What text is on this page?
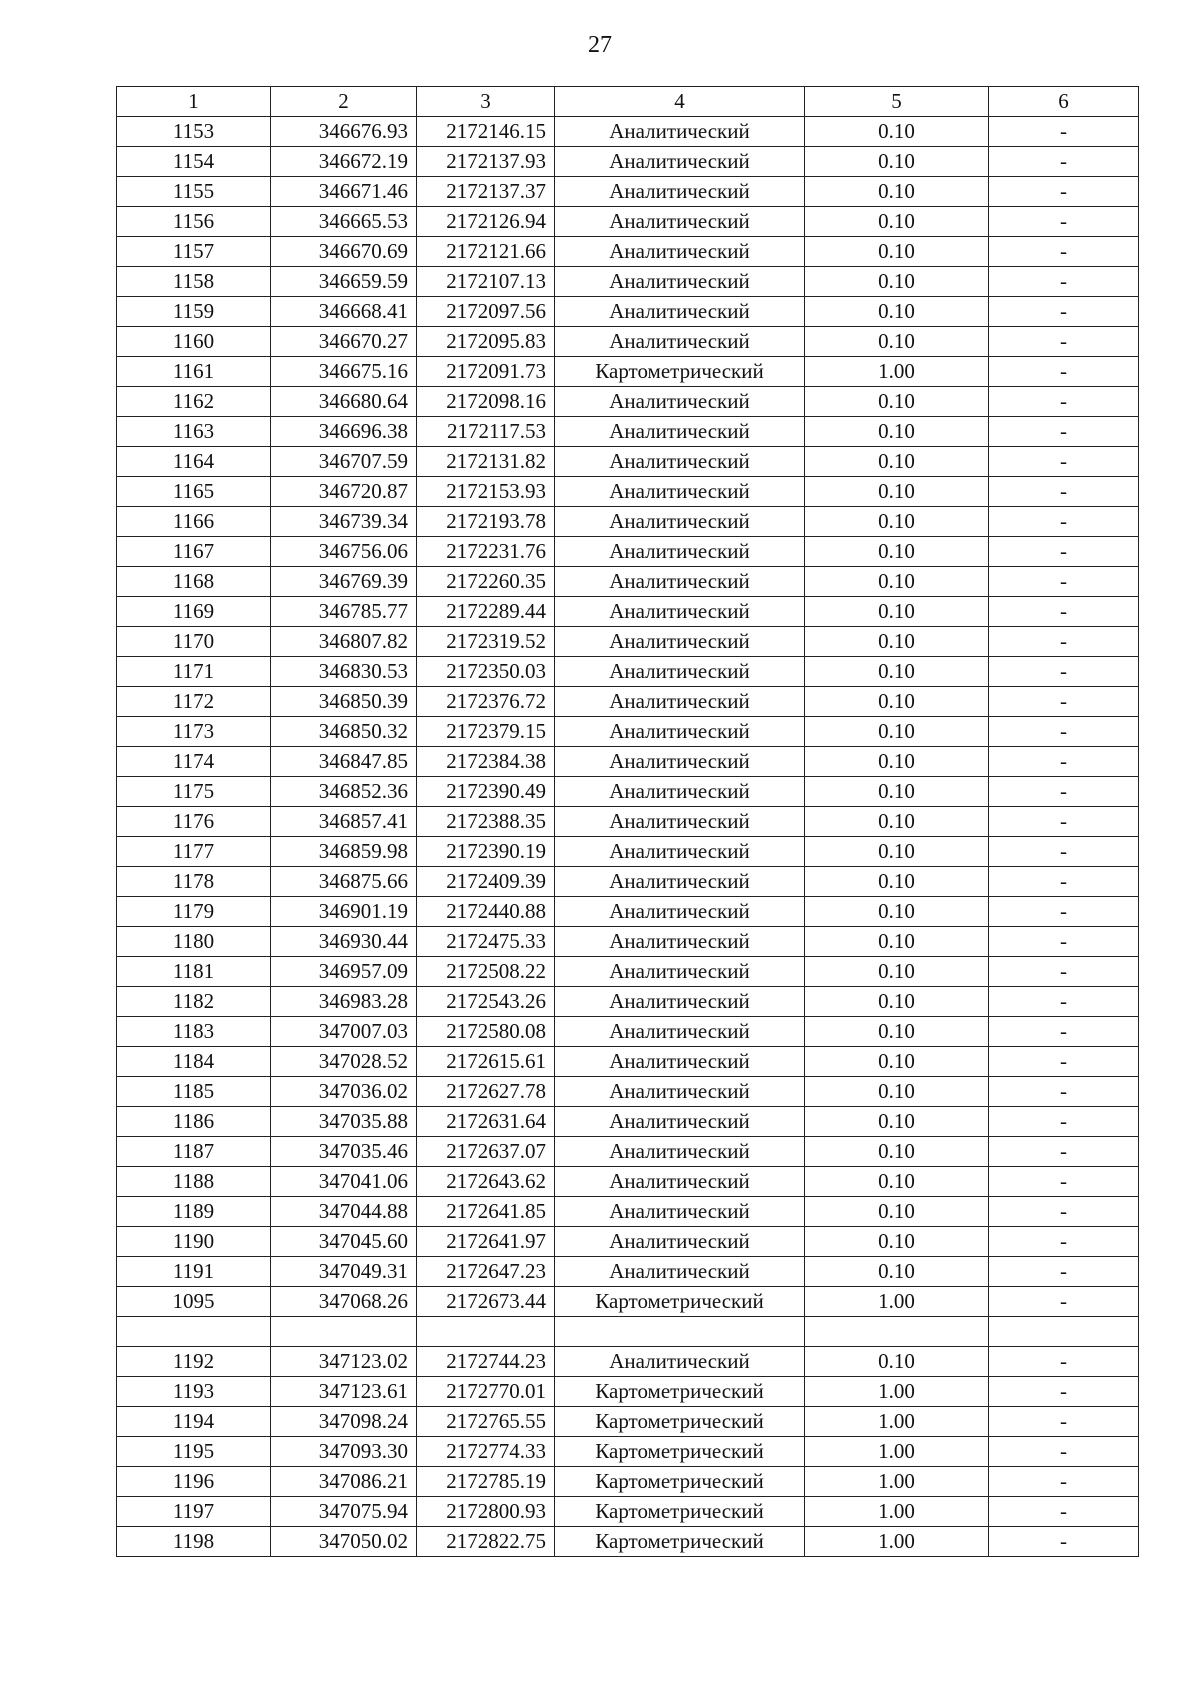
27
1	2	3	4	5	6
1153	346676.93	2172146.15	Аналитический	0.10	-
1154	346672.19	2172137.93	Аналитический	0.10	-
1155	346671.46	2172137.37	Аналитический	0.10	-
1156	346665.53	2172126.94	Аналитический	0.10	-
1157	346670.69	2172121.66	Аналитический	0.10	-
1158	346659.59	2172107.13	Аналитический	0.10	-
1159	346668.41	2172097.56	Аналитический	0.10	-
1160	346670.27	2172095.83	Аналитический	0.10	-
1161	346675.16	2172091.73	Картометрический	1.00	-
1162	346680.64	2172098.16	Аналитический	0.10	-
1163	346696.38	2172117.53	Аналитический	0.10	-
1164	346707.59	2172131.82	Аналитический	0.10	-
1165	346720.87	2172153.93	Аналитический	0.10	-
1166	346739.34	2172193.78	Аналитический	0.10	-
1167	346756.06	2172231.76	Аналитический	0.10	-
1168	346769.39	2172260.35	Аналитический	0.10	-
1169	346785.77	2172289.44	Аналитический	0.10	-
1170	346807.82	2172319.52	Аналитический	0.10	-
1171	346830.53	2172350.03	Аналитический	0.10	-
1172	346850.39	2172376.72	Аналитический	0.10	-
1173	346850.32	2172379.15	Аналитический	0.10	-
1174	346847.85	2172384.38	Аналитический	0.10	-
1175	346852.36	2172390.49	Аналитический	0.10	-
1176	346857.41	2172388.35	Аналитический	0.10	-
1177	346859.98	2172390.19	Аналитический	0.10	-
1178	346875.66	2172409.39	Аналитический	0.10	-
1179	346901.19	2172440.88	Аналитический	0.10	-
1180	346930.44	2172475.33	Аналитический	0.10	-
1181	346957.09	2172508.22	Аналитический	0.10	-
1182	346983.28	2172543.26	Аналитический	0.10	-
1183	347007.03	2172580.08	Аналитический	0.10	-
1184	347028.52	2172615.61	Аналитический	0.10	-
1185	347036.02	2172627.78	Аналитический	0.10	-
1186	347035.88	2172631.64	Аналитический	0.10	-
1187	347035.46	2172637.07	Аналитический	0.10	-
1188	347041.06	2172643.62	Аналитический	0.10	-
1189	347044.88	2172641.85	Аналитический	0.10	-
1190	347045.60	2172641.97	Аналитический	0.10	-
1191	347049.31	2172647.23	Аналитический	0.10	-
1095	347068.26	2172673.44	Картометрический	1.00	-

1192	347123.02	2172744.23	Аналитический	0.10	-
1193	347123.61	2172770.01	Картометрический	1.00	-
1194	347098.24	2172765.55	Картометрический	1.00	-
1195	347093.30	2172774.33	Картометрический	1.00	-
1196	347086.21	2172785.19	Картометрический	1.00	-
1197	347075.94	2172800.93	Картометрический	1.00	-
1198	347050.02	2172822.75	Картометрический	1.00	-
